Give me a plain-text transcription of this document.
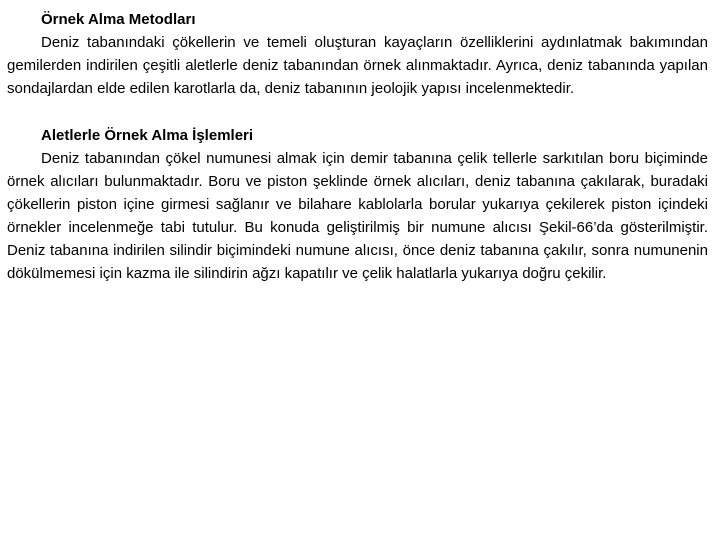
Örnek Alma Metodları

Deniz tabanındaki çökellerin ve temeli oluşturan kayaçların özelliklerini aydınlatmak bakımından gemilerden indirilen çeşitli aletlerle deniz tabanından örnek alınmaktadır. Ayrıca, deniz tabanında yapılan sondajlardan elde edilen karotlarla da, deniz tabanının jeolojik yapısı incelenmektedir.

Aletlerle Örnek Alma İşlemleri

Deniz tabanından çökel numunesi almak için demir tabanına çelik tellerle sarkıtılan boru biçiminde örnek alıcıları bulunmaktadır. Boru ve piston şeklinde örnek alıcıları, deniz tabanına çakılarak, buradaki çökellerin piston içine girmesi sağlanır ve bilahare kablolarla borular yukarıya çekilerek piston içindeki örnekler incelenmeğe tabi tutulur. Bu konuda geliştirilmiş bir numune alıcısı Şekil-66’da gösterilmiştir. Deniz tabanına indirilen silindir biçimindeki numune alıcısı, önce deniz tabanına çakılır, sonra numunenin dökülmemesi için kazma ile silindirin ağzı kapatılır ve çelik halatlarla yukarıya doğru çekilir.
